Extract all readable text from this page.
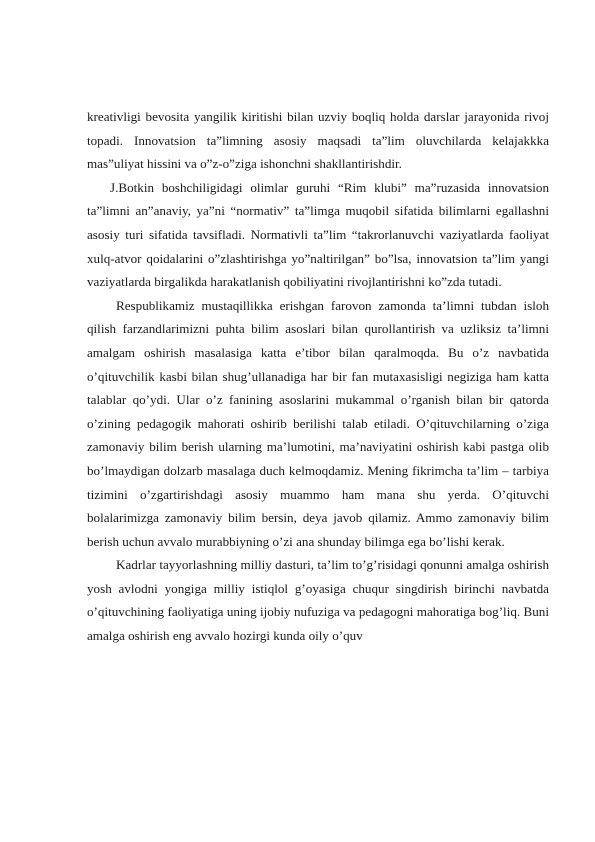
kreativligi bevosita yangilik kiritishi bilan uzviy boqliq holda darslar jarayonida rivoj topadi. Innovatsion ta”limning asosiy maqsadi ta”lim oluvchilarda kelajakkka mas”uliyat hissini va o”z-o”ziga ishonchni shakllantirishdir.

J.Botkin boshchiligidagi olimlar guruhi “Rim klubi” ma”ruzasida innovatsion ta”limni an”anaviy, ya”ni “normativ” ta”limga muqobil sifatida bilimlarni egallashni asosiy turi sifatida tavsifladi. Normativli ta”lim “takrorlanuvchi vaziyatlarda faoliyat xulq-atvor qoidalarini o”zlashtirishga yo”naltirilgan” bo”lsa, innovatsion ta”lim yangi vaziyatlarda birgalikda harakatlanish qobiliyatini rivojlantirishni ko”zda tutadi.

Respublikamiz mustaqillikka erishgan farovon zamonda ta’limni tubdan isloh qilish farzandlarimizni puhta bilim asoslari bilan qurollantirish va uzliksiz ta’limni amalgam oshirish masalasiga katta e’tibor bilan qaralmoqda. Bu o’z navbatida o’qituvchilik kasbi bilan shug’ullanadiga har bir fan mutaxasisligi negiziga ham katta talablar qo’ydi. Ular o’z fanining asoslarini mukammal o’rganish bilan bir qatorda o’zining pedagogik mahorati oshirib berilishi talab etiladi. O’qituvchilarning o’ziga zamonaviy bilim berish ularning ma’lumotini, ma’naviyatini oshirish kabi pastga olib bo’lmaydigan dolzarb masalaga duch kelmoqdamiz. Mening fikrimcha ta’lim – tarbiya tizimini o’zgartirishdagi asosiy muammo ham mana shu yerda. O’qituvchi bolalarimizga zamonaviy bilim bersin, deya javob qilamiz. Ammo zamonaviy bilim berish uchun avvalo murabbiyning o’zi ana shunday bilimga ega bo’lishi kerak.

Kadrlar tayyorlashning milliy dasturi, ta’lim to’g’risidagi qonunni amalga oshirish yosh avlodni yongiga milliy istiqlol g’oyasiga chuqur singdirish birinchi navbatda o’qituvchining faoliyatiga uning ijobiy nufuziga va pedagogni mahoratiga bog’liq. Buni amalga oshirish eng avvalo hozirgi kunda oily o’quv
